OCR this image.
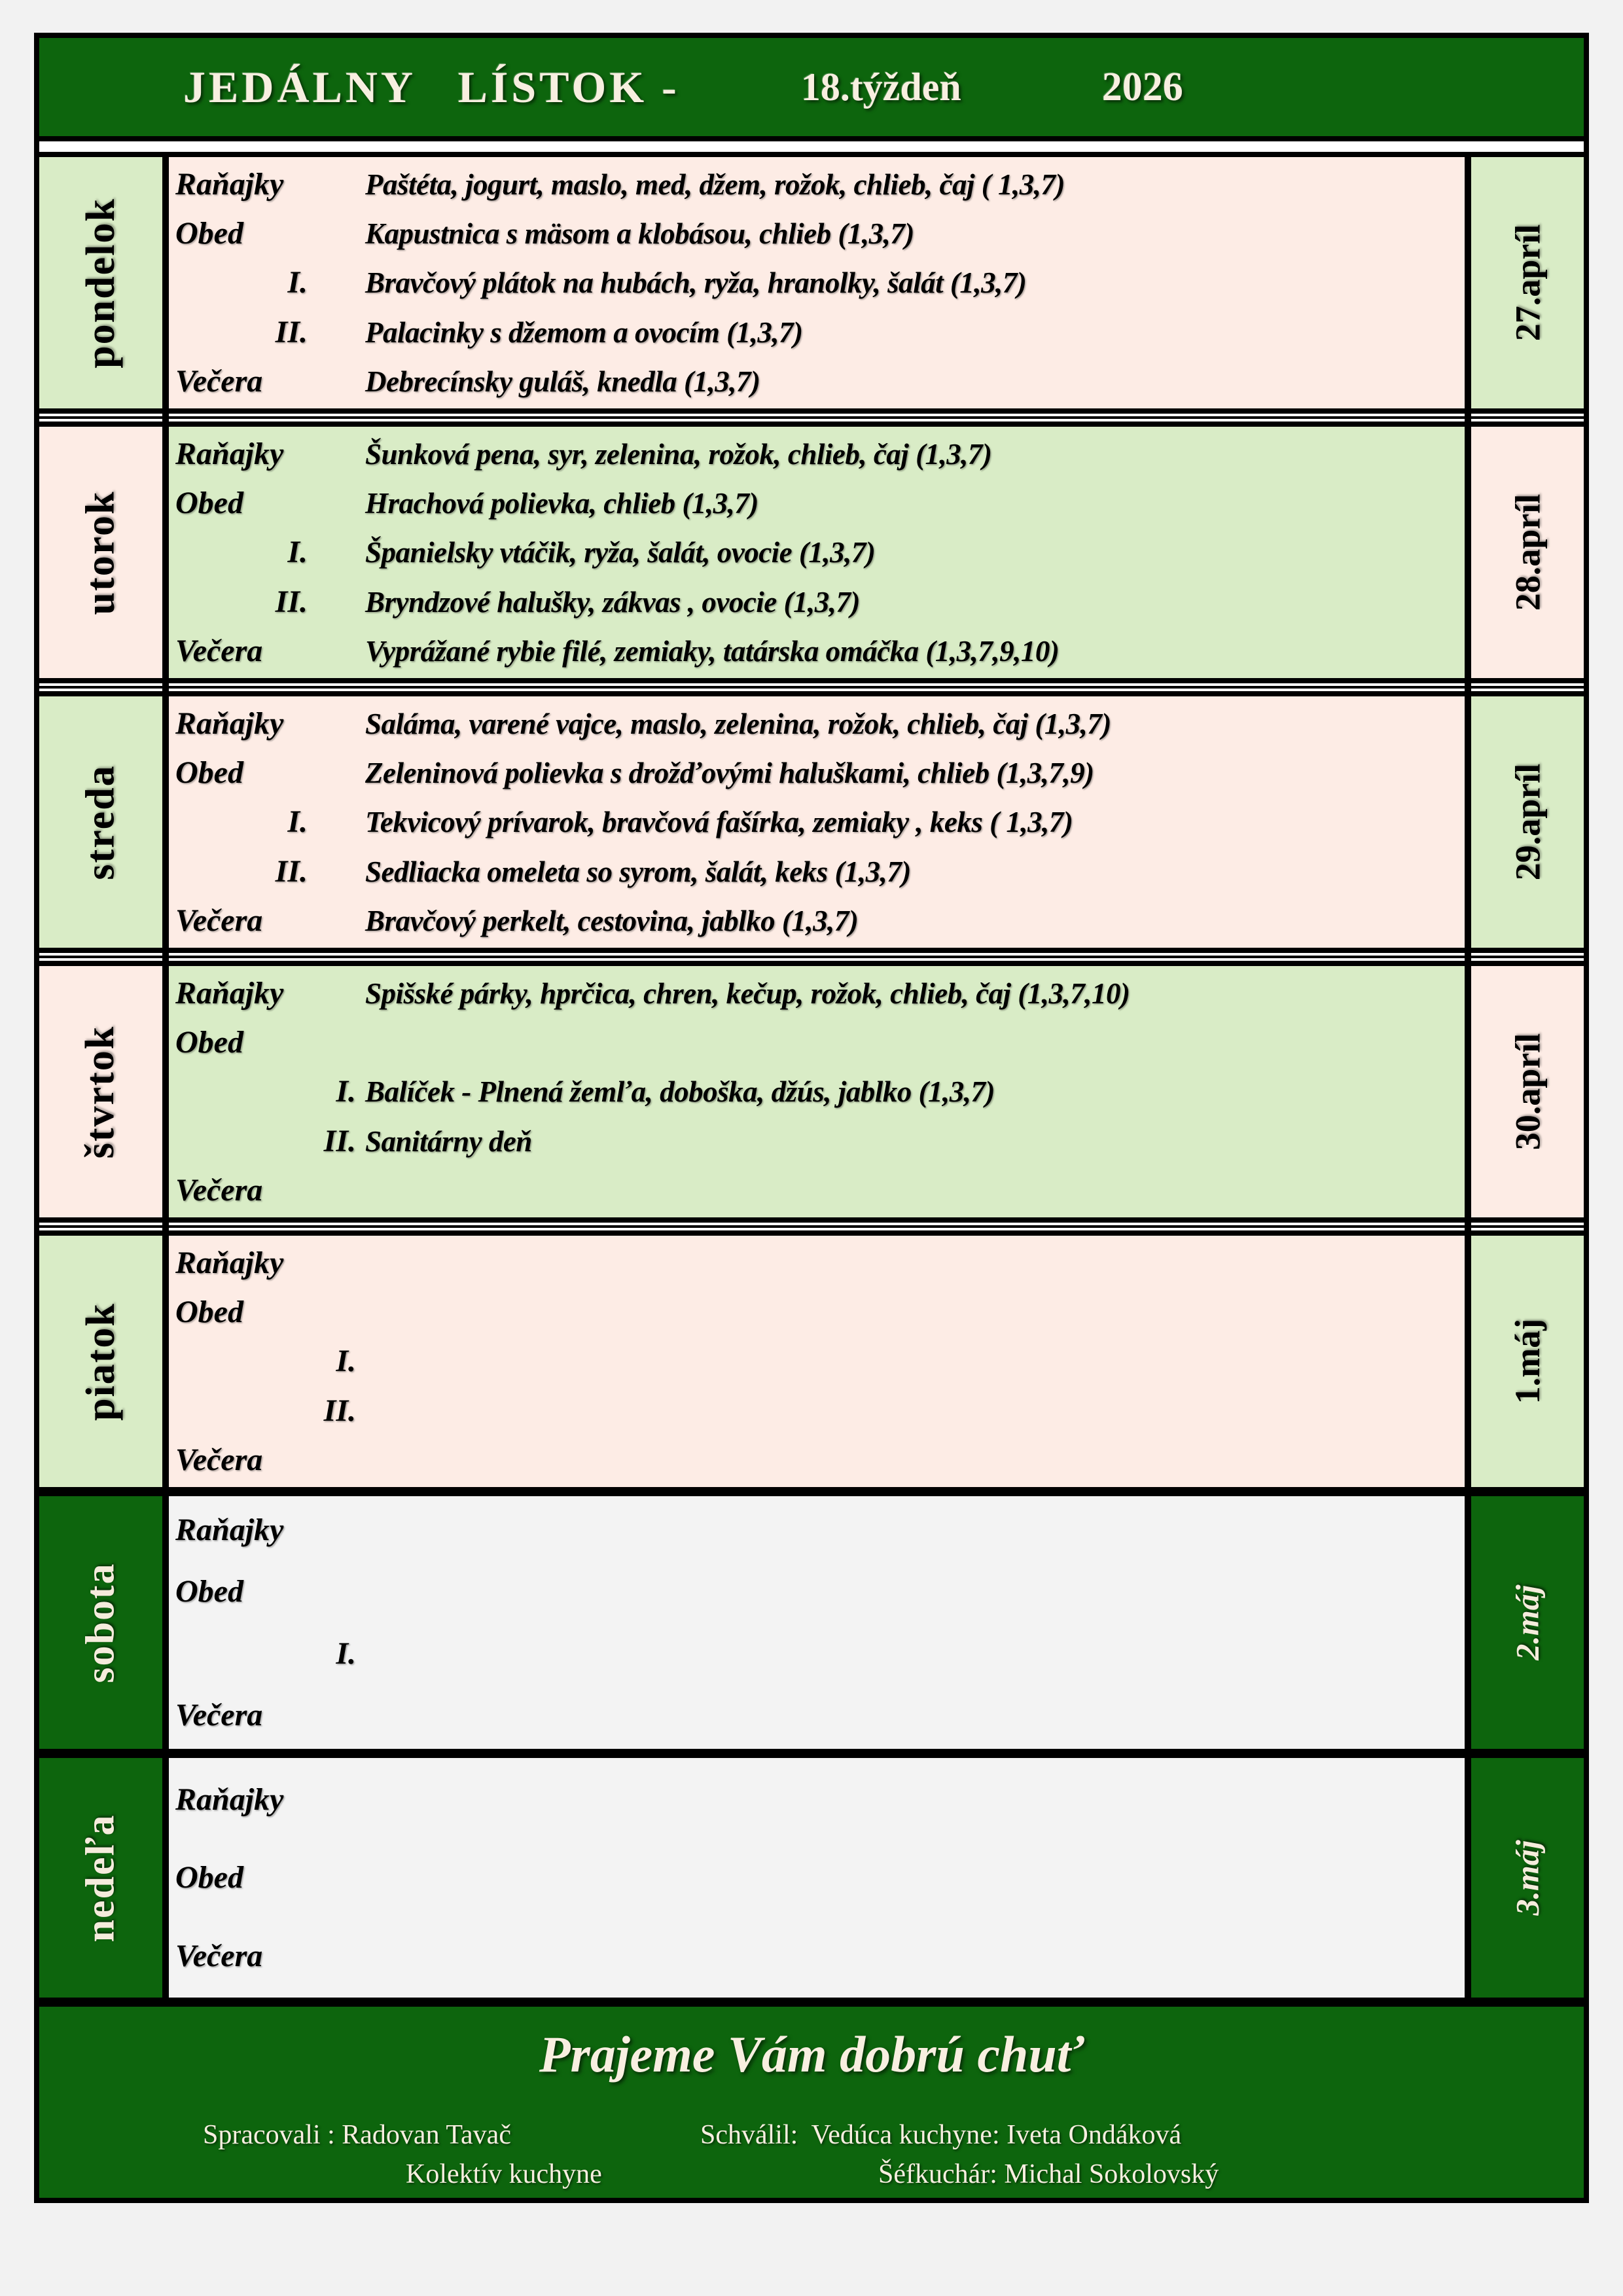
JEDÁLNY   LÍSTOK -	18.týždeň	2026
pondelok
Raňajky	Paštéta, jogurt, maslo, med, džem, rožok, chlieb, čaj ( 1,3,7)
Obed	Kapustnica s mäsom a klobásou, chlieb (1,3,7)
I.	Bravčový plátok na hubách, ryža, hranolky, šalát (1,3,7)
II.	Palacinky s džemom a ovocím (1,3,7)
Večera	Debrecínsky guláš, knedla (1,3,7)
27.apríl
utorok
Raňajky	Šunková pena, syr, zelenina, rožok, chlieb, čaj (1,3,7)
Obed	Hrachová polievka, chlieb (1,3,7)
I.	Španielsky vtáčik, ryža, šalát, ovocie (1,3,7)
II.	Bryndzové halušky, zákvas , ovocie (1,3,7)
Večera	Vyprážané rybie filé, zemiaky, tatárska omáčka (1,3,7,9,10)
28.apríl
streda
Raňajky	Saláma, varené vajce, maslo, zelenina, rožok, chlieb, čaj (1,3,7)
Obed	Zeleninová polievka s drožďovými haluškami, chlieb (1,3,7,9)
I.	Tekvicový prívarok, bravčová fašírka, zemiaky , keks ( 1,3,7)
II.	Sedliacka omeleta so syrom, šalát, keks (1,3,7)
Večera	Bravčový perkelt, cestovina, jablko (1,3,7)
29.apríl
štvrtok
Raňajky	Spišské párky, hprčica, chren, kečup, rožok, chlieb, čaj (1,3,7,10)
Obed
I. Balíček - Plnená žemľa, doboška, džús, jablko (1,3,7)
II. Sanitárny deň
Večera
30.apríl
piatok
Raňajky
Obed
I.
II.
Večera
1.máj
sobota
Raňajky
Obed
I.
Večera
2.máj
nedeľa
Raňajky
Obed
Večera
3.máj
Prajeme Vám dobrú chuť
Spracovali : Radovan Tavač	Schválil:  Vedúca kuchyne: Iveta Ondáková
Kolektív kuchyne	Šéfkuchár: Michal Sokolovský
